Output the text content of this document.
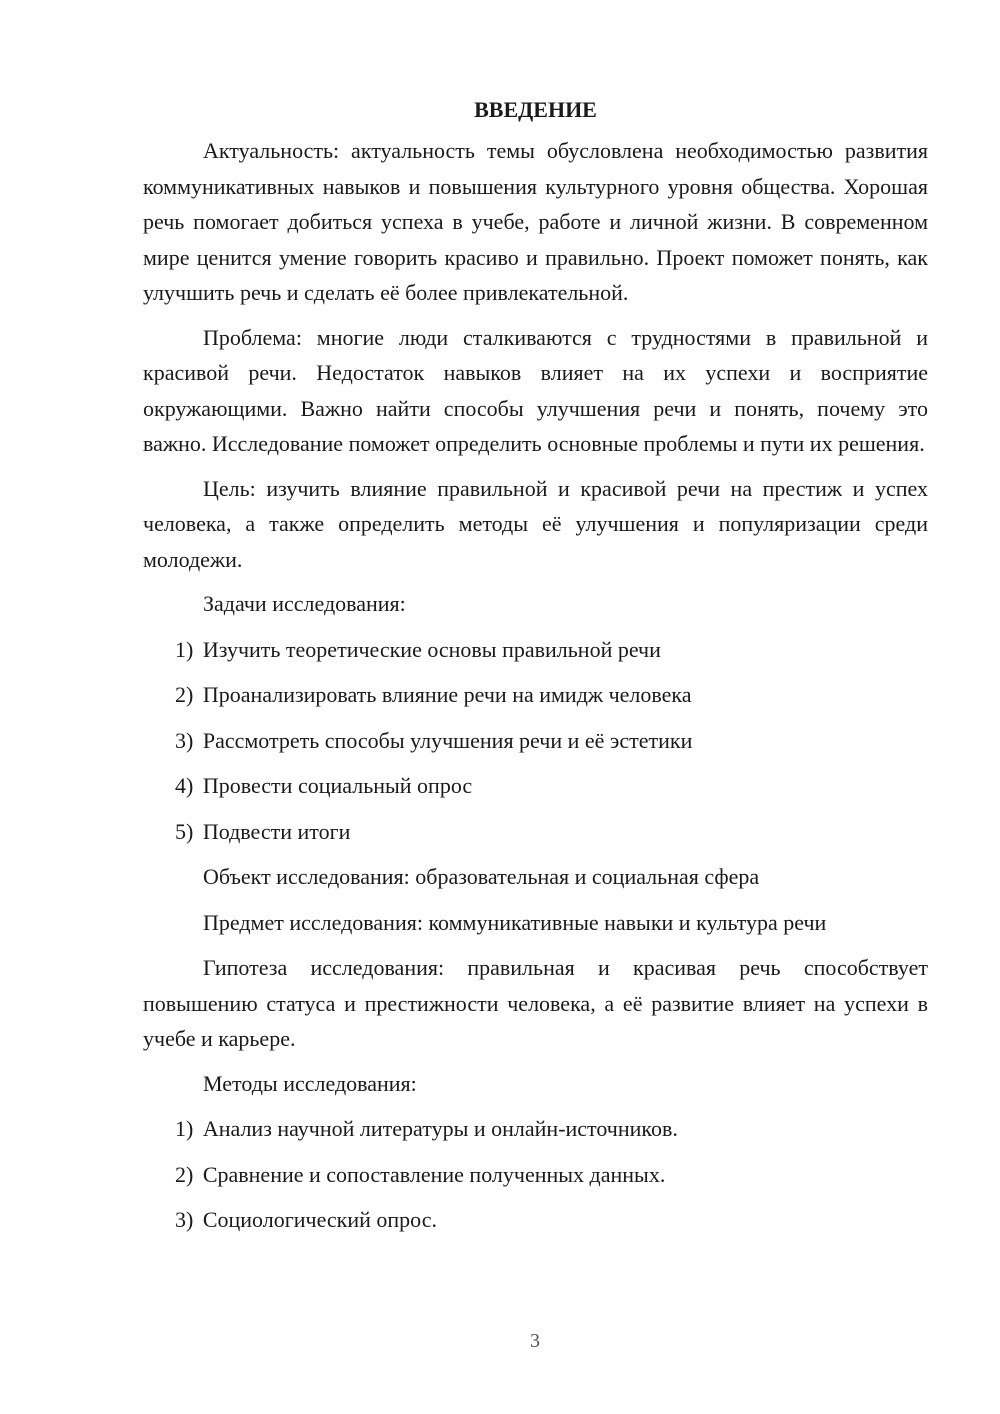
ВВЕДЕНИЕ

Актуальность: актуальность темы обусловлена необходимостью развития коммуникативных навыков и повышения культурного уровня общества. Хорошая речь помогает добиться успеха в учебе, работе и личной жизни. В современном мире ценится умение говорить красиво и правильно. Проект поможет понять, как улучшить речь и сделать её более привлекательной.

Проблема: многие люди сталкиваются с трудностями в правильной и красивой речи. Недостаток навыков влияет на их успехи и восприятие окружающими. Важно найти способы улучшения речи и понять, почему это важно. Исследование поможет определить основные проблемы и пути их решения.

Цель: изучить влияние правильной и красивой речи на престиж и успех человека, а также определить методы её улучшения и популяризации среди молодежи.

Задачи исследования:
1) Изучить теоретические основы правильной речи
2) Проанализировать влияние речи на имидж человека
3) Рассмотреть способы улучшения речи и её эстетики
4) Провести социальный опрос
5) Подвести итоги
Объект исследования: образовательная и социальная сфера
Предмет исследования: коммуникативные навыки и культура речи

Гипотеза исследования: правильная и красивая речь способствует повышению статуса и престижности человека, а её развитие влияет на успехи в учебе и карьере.

Методы исследования:
1) Анализ научной литературы и онлайн-источников.
2) Сравнение и сопоставление полученных данных.
3) Социологический опрос.
3
